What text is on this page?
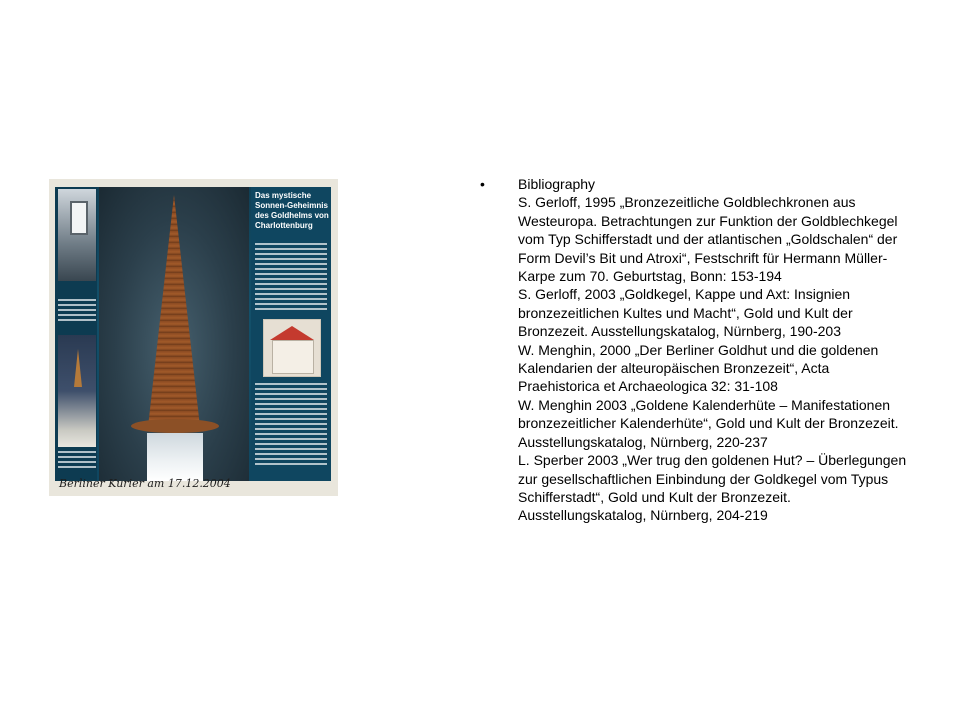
Das mystische Sonnen-Geheimnis des Goldhelms von Charlottenburg
Berliner Kurier am 17.12.2004
•	Bibliography
S. Gerloff, 1995 „Bronzezeitliche Goldblechkronen aus Westeuropa. Betrachtungen zur Funktion der Goldblechkegel vom Typ Schifferstadt und der atlantischen „Goldschalen“ der Form Devil’s Bit und Atroxi“, Festschrift für Hermann Müller-Karpe zum 70. Geburtstag, Bonn: 153-194
S. Gerloff, 2003 „Goldkegel, Kappe und Axt: Insignien bronzezeitlichen Kultes und Macht“, Gold und Kult der Bronzezeit. Ausstellungskatalog, Nürnberg, 190-203
W. Menghin, 2000 „Der Berliner Goldhut und die goldenen Kalendarien der alteuropäischen Bronzezeit“, Acta Praehistorica et Archaeologica 32: 31-108
W. Menghin 2003 „Goldene Kalenderhüte – Manifestationen bronzezeitlicher Kalenderhüte“, Gold und Kult der Bronzezeit. Ausstellungskatalog, Nürnberg, 220-237
L. Sperber 2003 „Wer trug den goldenen Hut? – Überlegungen zur gesellschaftlichen Einbindung der Goldkegel vom Typus Schifferstadt“, Gold und Kult der Bronzezeit. Ausstellungskatalog, Nürnberg, 204-219
